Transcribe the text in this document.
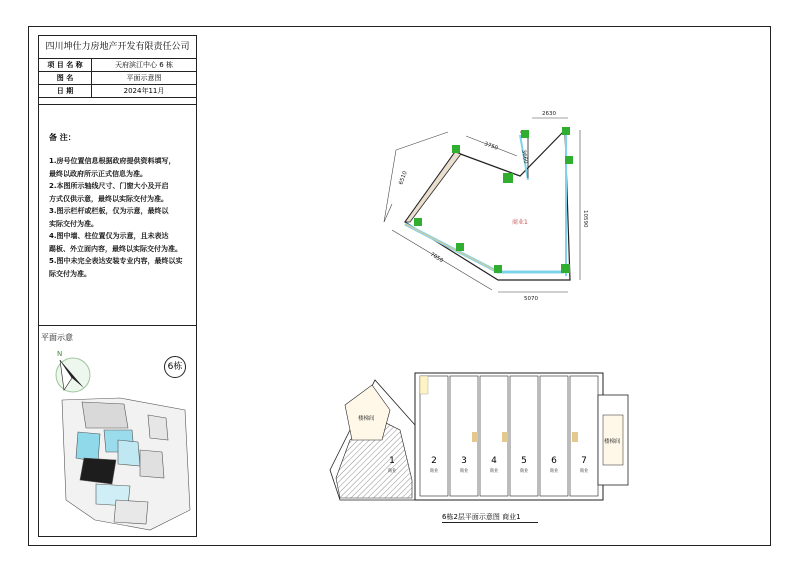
四川坤仕力房地产开发有限责任公司
项 目 名 称	天府滨江中心 6 栋
图 名	平面示意图
日 期	2024年11月
备 注：
1.房号位置信息根据政府提供资料填写，
最终以政府所示正式信息为准。
2.本图所示轴线尺寸、门窗大小及开启
方式仅供示意，最终以实际交付为准。
3.图示栏杆或栏板，仅为示意，最终以
实际交付为准。
4.图中墙、柱位置仅为示意，且未表达
踢板、外立面内容，最终以实际交付为准。
5.图中未完全表达安装专业内容，最终以实
际交付为准。
平面示意
6栋
N
2630
10590
5070
3750
3660
6510
7050
商业1
楼梯间
楼梯间
1
商业
2
商业
3
商业
4
商业
5
商业
6
商业
7
商业
6栋2层平面示意图 商业1
